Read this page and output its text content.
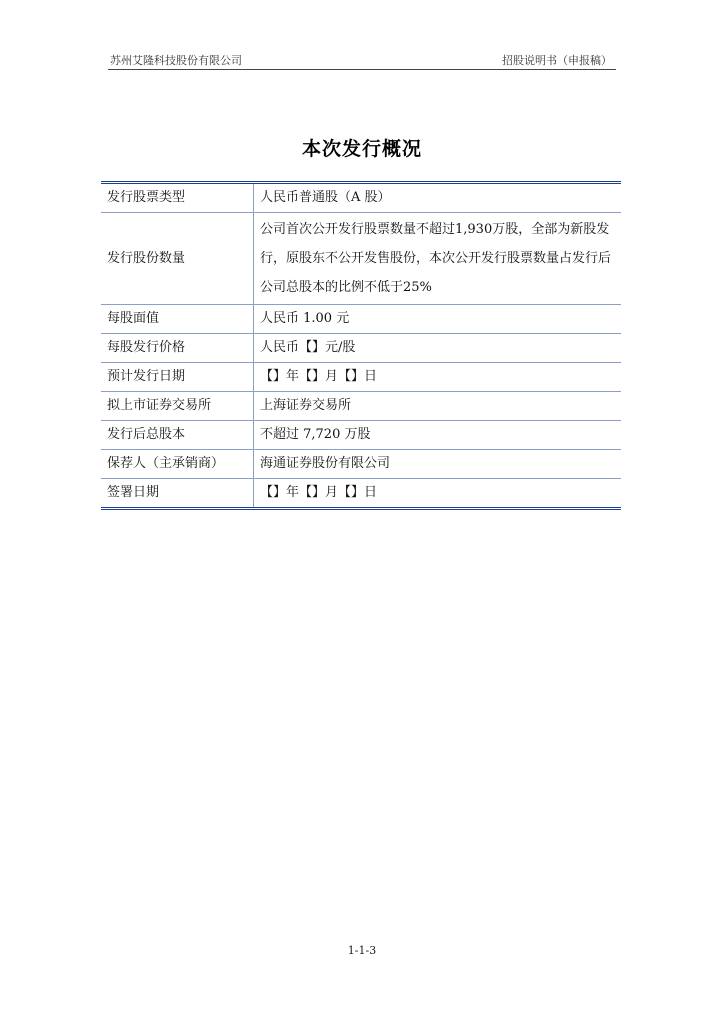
苏州艾隆科技股份有限公司	招股说明书（申报稿）
本次发行概况
发行股票类型	人民币普通股（A 股）
发行股份数量	公司首次公开发行股票数量不超过1,930万股，全部为新股发行，原股东不公开发售股份，本次公开发行股票数量占发行后公司总股本的比例不低于25%
每股面值	人民币 1.00 元
每股发行价格	人民币【】元/股
预计发行日期	【】年【】月【】日
拟上市证券交易所	上海证券交易所
发行后总股本	不超过 7,720 万股
保荐人（主承销商）	海通证券股份有限公司
签署日期	【】年【】月【】日
1-1-3
